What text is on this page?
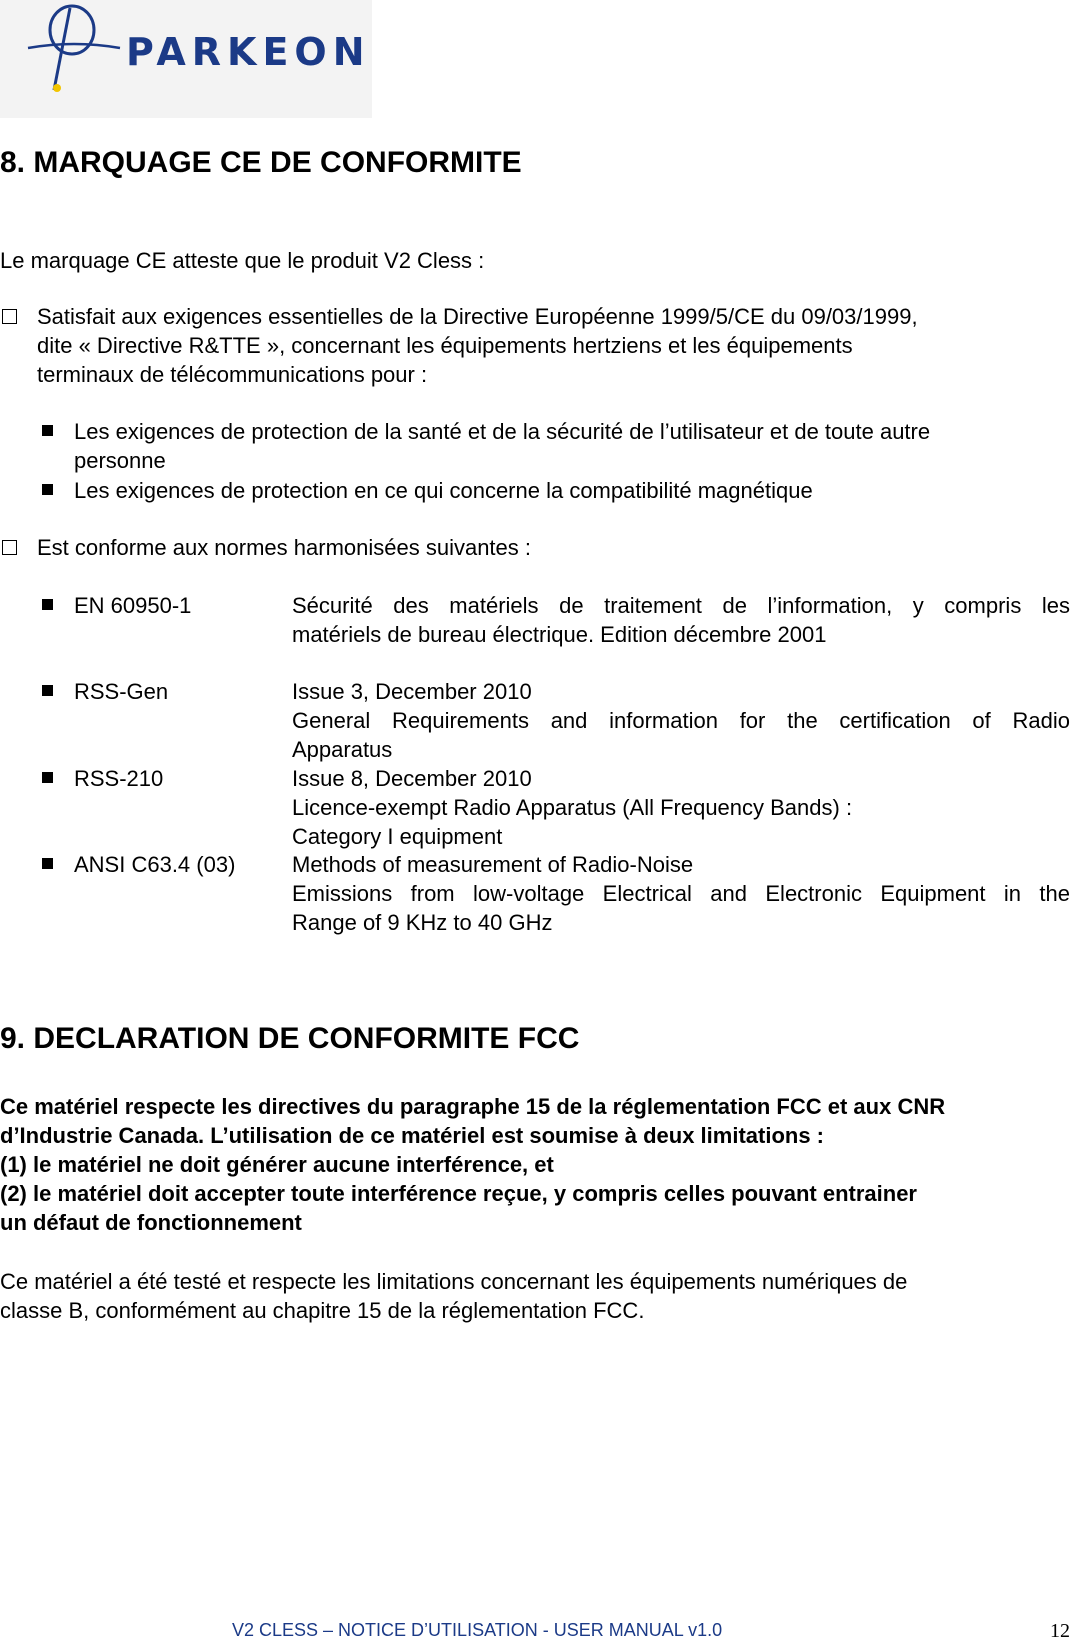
PARKEON
8. MARQUAGE CE DE CONFORMITE
Le marquage CE atteste que le produit V2 Cless :
Satisfait aux exigences essentielles de la Directive Européenne 1999/5/CE du 09/03/1999,
dite « Directive R&TTE », concernant les équipements hertziens et les équipements
terminaux de télécommunications pour :
Les exigences de protection de la santé et de la sécurité de l’utilisateur et de toute autre
personne
Les exigences de protection en ce qui concerne la compatibilité magnétique
Est conforme aux normes harmonisées suivantes :
EN 60950-1	Sécurité des matériels de traitement de l’information, y compris les
matériels de bureau électrique. Edition décembre 2001
RSS-Gen	Issue 3, December 2010
General Requirements and information for the certification of Radio
Apparatus
RSS-210	Issue 8, December 2010
Licence-exempt Radio Apparatus (All Frequency Bands) :
Category I equipment
ANSI C63.4 (03)	Methods of measurement of Radio-Noise
Emissions from low-voltage Electrical and Electronic Equipment in the
Range of 9 KHz to 40 GHz
9. DECLARATION DE CONFORMITE FCC
Ce matériel respecte les directives du paragraphe 15 de la réglementation FCC et aux CNR
d’Industrie Canada. L’utilisation de ce matériel est soumise à deux limitations :
(1) le matériel ne doit générer aucune interférence, et
(2) le matériel doit accepter toute interférence reçue, y compris celles pouvant entrainer
un défaut de fonctionnement
Ce matériel a été testé et respecte les limitations concernant les équipements numériques de
classe B, conformément au chapitre 15 de la réglementation FCC.
V2 CLESS – NOTICE D’UTILISATION - USER MANUAL v1.0	12
